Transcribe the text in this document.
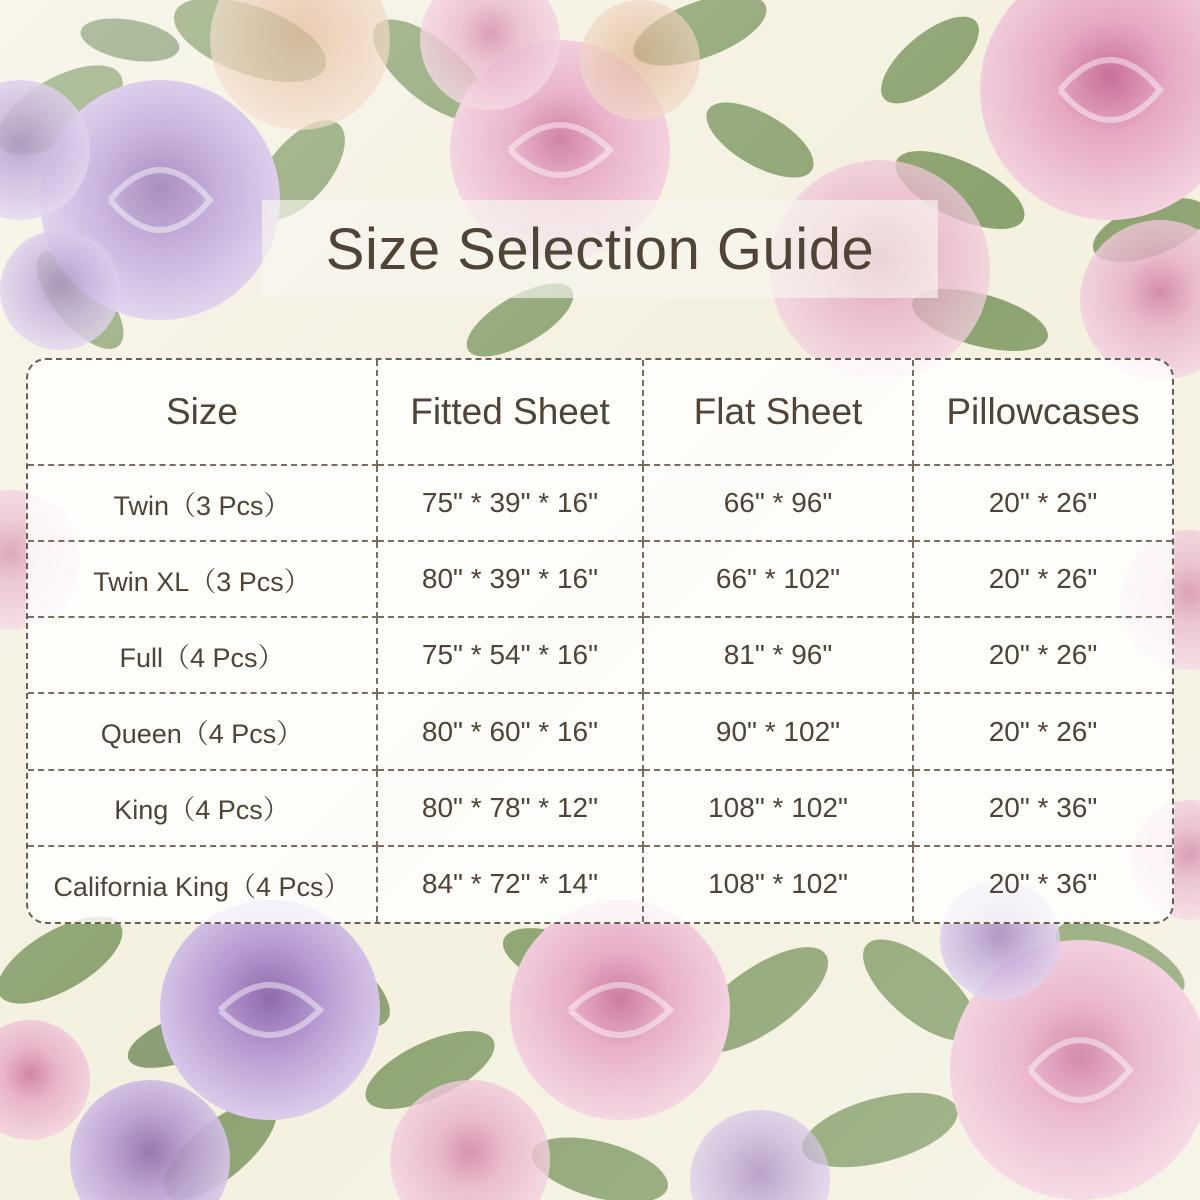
Size Selection Guide
Size	Fitted Sheet	Flat Sheet	Pillowcases
Twin（3 Pcs）	75" * 39" * 16"	66" * 96"	20" * 26"
Twin XL（3 Pcs）	80" * 39" * 16"	66" * 102"	20" * 26"
Full（4 Pcs）	75" * 54" * 16"	81" * 96"	20" * 26"
Queen（4 Pcs）	80" * 60" * 16"	90" * 102"	20" * 26"
King（4 Pcs）	80" * 78" * 12"	108" * 102"	20" * 36"
California King（4 Pcs）	84" * 72" * 14"	108" * 102"	20" * 36"
